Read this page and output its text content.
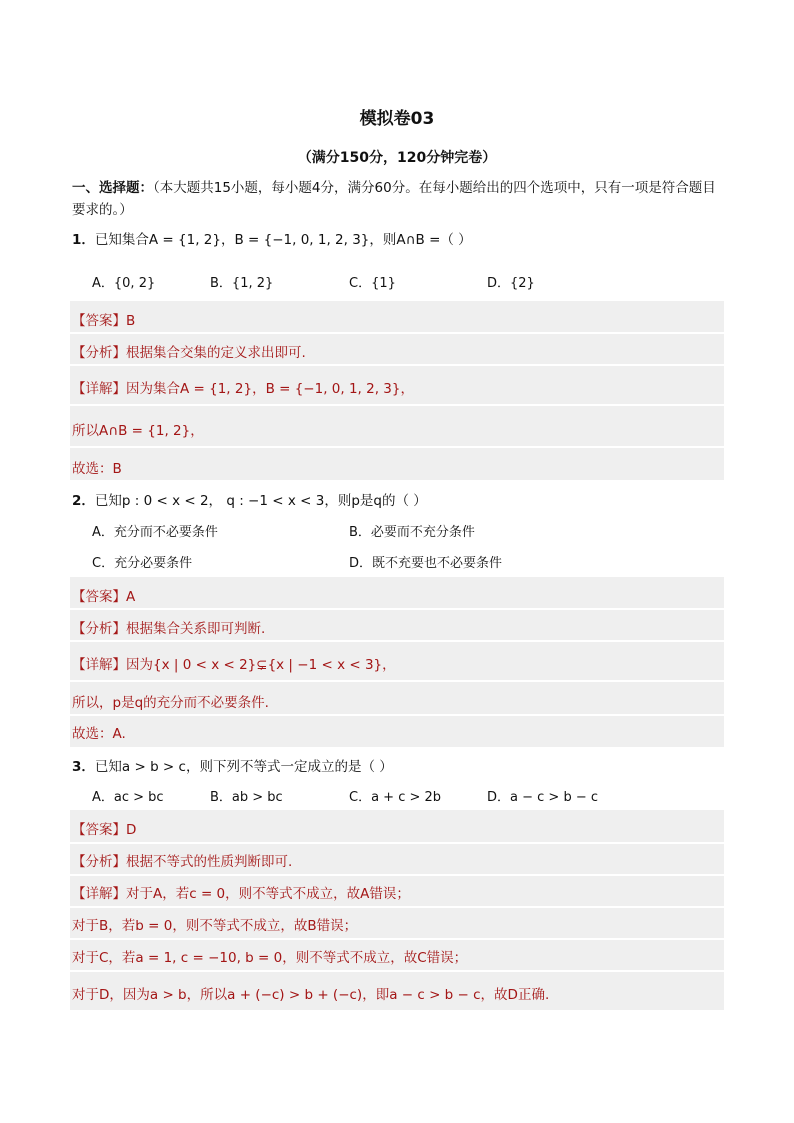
模拟卷03
（满分150分，120分钟完卷）
一、选择题：（本大题共15小题，每小题4分，满分60分。在每小题给出的四个选项中，只有一项是符合题目要求的。）
1．已知集合A = {1, 2}，B = {−1, 0, 1, 2, 3}，则A∩B =（ ）
A．{0, 2}	B．{1, 2}	C．{1}	D．{2}
【答案】B
【分析】根据集合交集的定义求出即可.
【详解】因为集合A = {1, 2}，B = {−1, 0, 1, 2, 3}，
所以A∩B = {1, 2}，
故选：B
2．已知p : 0 < x < 2， q : −1 < x < 3，则p是q的（ ）
A．充分而不必要条件	B．必要而不充分条件
C．充分必要条件	D．既不充要也不必要条件
【答案】A
【分析】根据集合关系即可判断.
【详解】因为{x | 0 < x < 2}⊊{x | −1 < x < 3}，
所以，p是q的充分而不必要条件.
故选：A.
3．已知a > b > c，则下列不等式一定成立的是（ ）
A．ac > bc	B．ab > bc	C．a + c > 2b	D．a − c > b − c
【答案】D
【分析】根据不等式的性质判断即可.
【详解】对于A，若c = 0，则不等式不成立，故A错误；
对于B，若b = 0，则不等式不成立，故B错误；
对于C，若a = 1, c = −10, b = 0，则不等式不成立，故C错误；
对于D，因为a > b，所以a + (−c) > b + (−c)，即a − c > b − c，故D正确.
